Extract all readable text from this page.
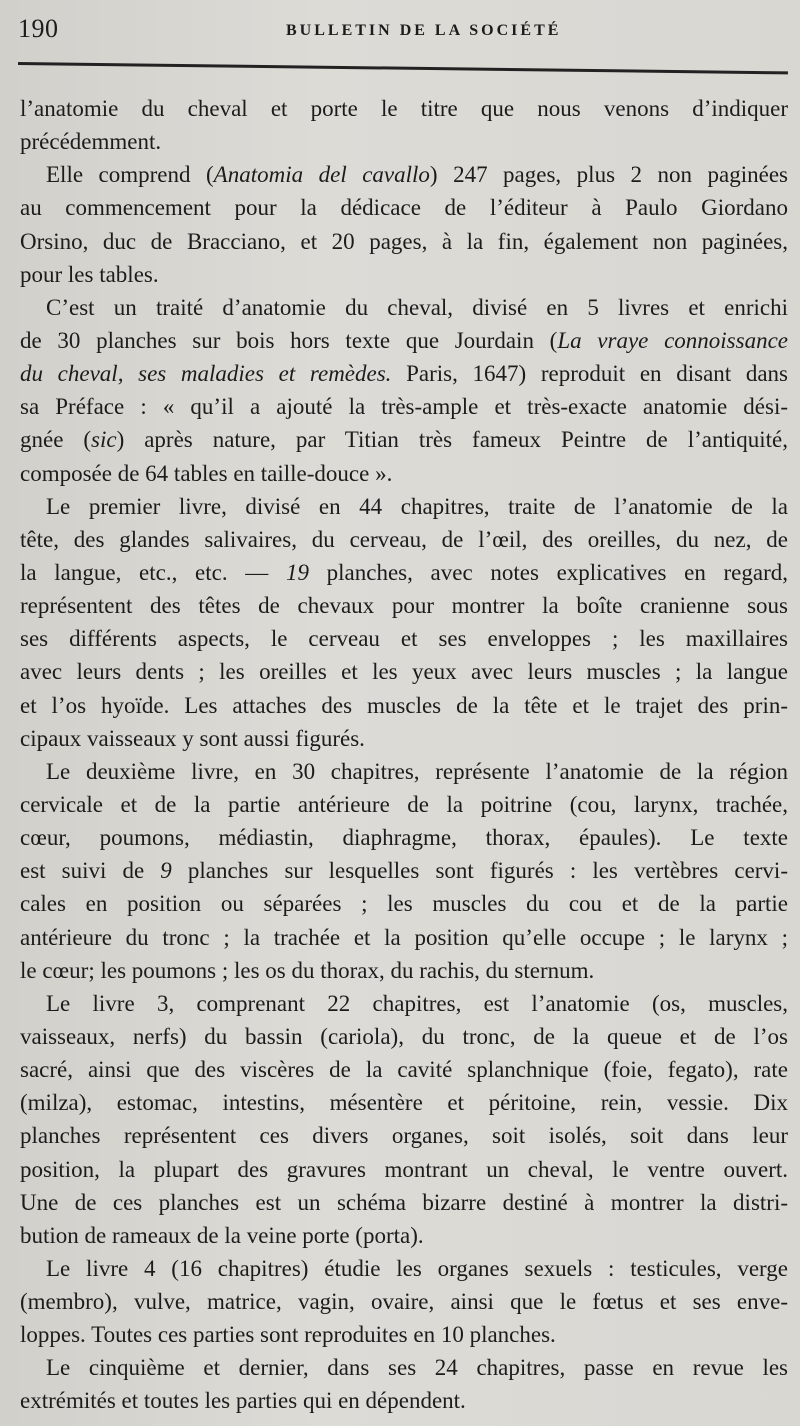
190	BULLETIN DE LA SOCIÉTÉ
l’anatomie du cheval et porte le titre que nous venons d’indiquer
précédemment.
Elle comprend (Anatomia del cavallo) 247 pages, plus 2 non paginées
au commencement pour la dédicace de l’éditeur à Paulo Giordano
Orsino, duc de Bracciano, et 20 pages, à la fin, également non paginées,
pour les tables.
C’est un traité d’anatomie du cheval, divisé en 5 livres et enrichi
de 30 planches sur bois hors texte que Jourdain (La vraye connoissance
du cheval, ses maladies et remèdes. Paris, 1647) reproduit en disant dans
sa Préface : « qu’il a ajouté la très-ample et très-exacte anatomie dési-
gnée (sic) après nature, par Titian très fameux Peintre de l’antiquité,
composée de 64 tables en taille-douce ».
Le premier livre, divisé en 44 chapitres, traite de l’anatomie de la
tête, des glandes salivaires, du cerveau, de l’œil, des oreilles, du nez, de
la langue, etc., etc. — 19 planches, avec notes explicatives en regard,
représentent des têtes de chevaux pour montrer la boîte cranienne sous
ses différents aspects, le cerveau et ses enveloppes ; les maxillaires
avec leurs dents ; les oreilles et les yeux avec leurs muscles ; la langue
et l’os hyoïde. Les attaches des muscles de la tête et le trajet des prin-
cipaux vaisseaux y sont aussi figurés.
Le deuxième livre, en 30 chapitres, représente l’anatomie de la région
cervicale et de la partie antérieure de la poitrine (cou, larynx, trachée,
cœur, poumons, médiastin, diaphragme, thorax, épaules). Le texte
est suivi de 9 planches sur lesquelles sont figurés : les vertèbres cervi-
cales en position ou séparées ; les muscles du cou et de la partie
antérieure du tronc ; la trachée et la position qu’elle occupe ; le larynx ;
le cœur; les poumons ; les os du thorax, du rachis, du sternum.
Le livre 3, comprenant 22 chapitres, est l’anatomie (os, muscles,
vaisseaux, nerfs) du bassin (cariola), du tronc, de la queue et de l’os
sacré, ainsi que des viscères de la cavité splanchnique (foie, fegato), rate
(milza), estomac, intestins, mésentère et péritoine, rein, vessie. Dix
planches représentent ces divers organes, soit isolés, soit dans leur
position, la plupart des gravures montrant un cheval, le ventre ouvert.
Une de ces planches est un schéma bizarre destiné à montrer la distri-
bution de rameaux de la veine porte (porta).
Le livre 4 (16 chapitres) étudie les organes sexuels : testicules, verge
(membro), vulve, matrice, vagin, ovaire, ainsi que le fœtus et ses enve-
loppes. Toutes ces parties sont reproduites en 10 planches.
Le cinquième et dernier, dans ses 24 chapitres, passe en revue les
extrémités et toutes les parties qui en dépendent.
